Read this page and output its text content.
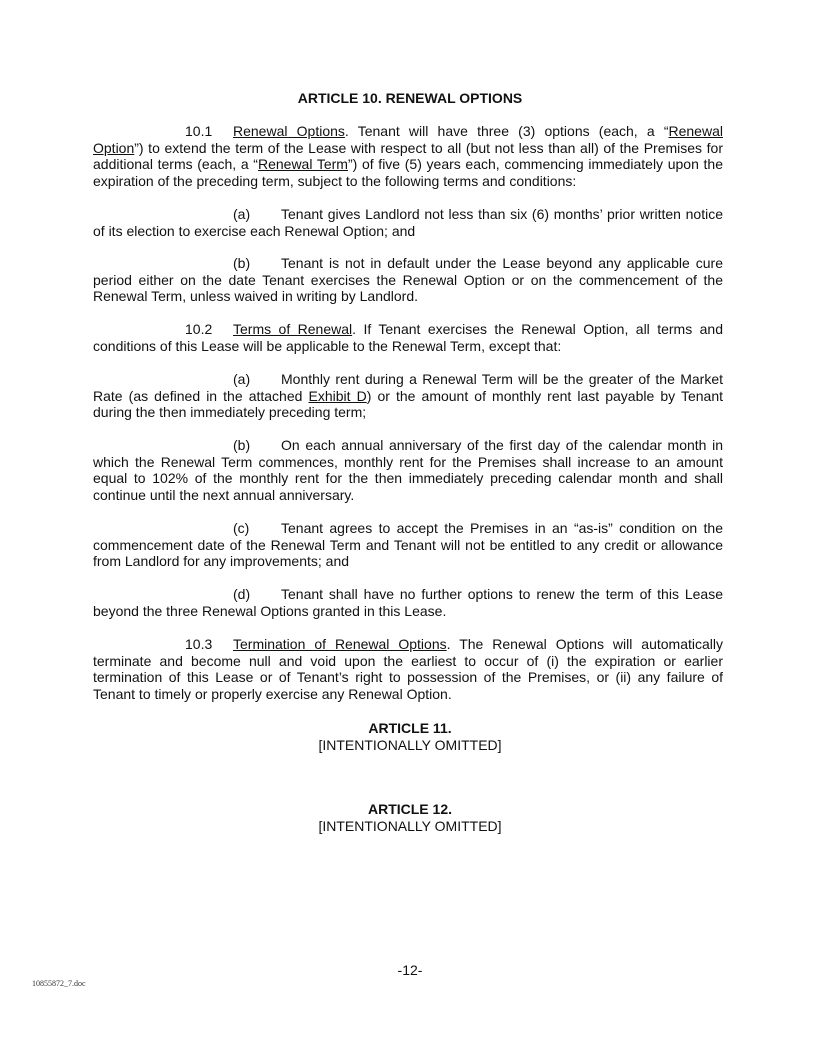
ARTICLE 10. RENEWAL OPTIONS
10.1 Renewal Options. Tenant will have three (3) options (each, a “Renewal Option”) to extend the term of the Lease with respect to all (but not less than all) of the Premises for additional terms (each, a “Renewal Term”) of five (5) years each, commencing immediately upon the expiration of the preceding term, subject to the following terms and conditions:
(a) Tenant gives Landlord not less than six (6) months’ prior written notice of its election to exercise each Renewal Option; and
(b) Tenant is not in default under the Lease beyond any applicable cure period either on the date Tenant exercises the Renewal Option or on the commencement of the Renewal Term, unless waived in writing by Landlord.
10.2 Terms of Renewal. If Tenant exercises the Renewal Option, all terms and conditions of this Lease will be applicable to the Renewal Term, except that:
(a) Monthly rent during a Renewal Term will be the greater of the Market Rate (as defined in the attached Exhibit D) or the amount of monthly rent last payable by Tenant during the then immediately preceding term;
(b) On each annual anniversary of the first day of the calendar month in which the Renewal Term commences, monthly rent for the Premises shall increase to an amount equal to 102% of the monthly rent for the then immediately preceding calendar month and shall continue until the next annual anniversary.
(c) Tenant agrees to accept the Premises in an “as-is” condition on the commencement date of the Renewal Term and Tenant will not be entitled to any credit or allowance from Landlord for any improvements; and
(d) Tenant shall have no further options to renew the term of this Lease beyond the three Renewal Options granted in this Lease.
10.3 Termination of Renewal Options. The Renewal Options will automatically terminate and become null and void upon the earliest to occur of (i) the expiration or earlier termination of this Lease or of Tenant’s right to possession of the Premises, or (ii) any failure of Tenant to timely or properly exercise any Renewal Option.
ARTICLE 11.
[INTENTIONALLY OMITTED]
ARTICLE 12.
[INTENTIONALLY OMITTED]
-12-
10855872_7.doc
